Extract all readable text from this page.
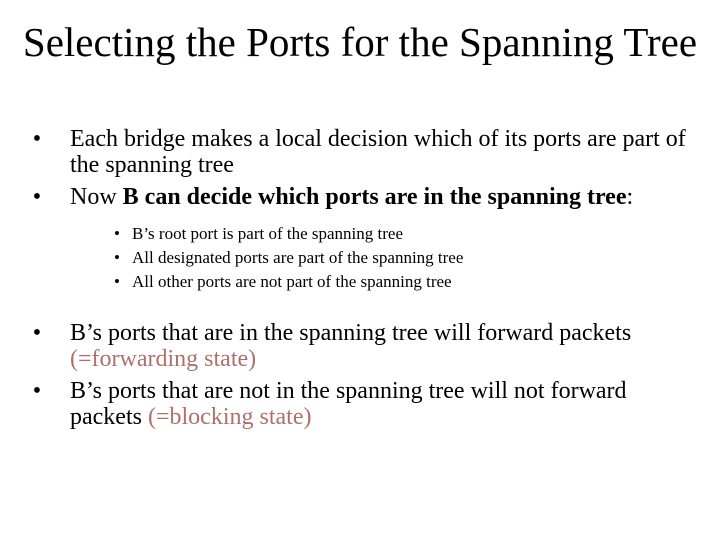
Selecting the Ports for the Spanning Tree
• Each bridge makes a local decision which of its ports are part of the spanning tree
• Now B can decide which ports are in the spanning tree:
• B’s root port is part of the spanning tree
• All designated ports are part of the spanning tree
• All other ports are not part of the spanning tree
• B’s ports that are in the spanning tree will forward packets (=forwarding state)
• B’s ports that are not in the spanning tree will not forward packets (=blocking state)
